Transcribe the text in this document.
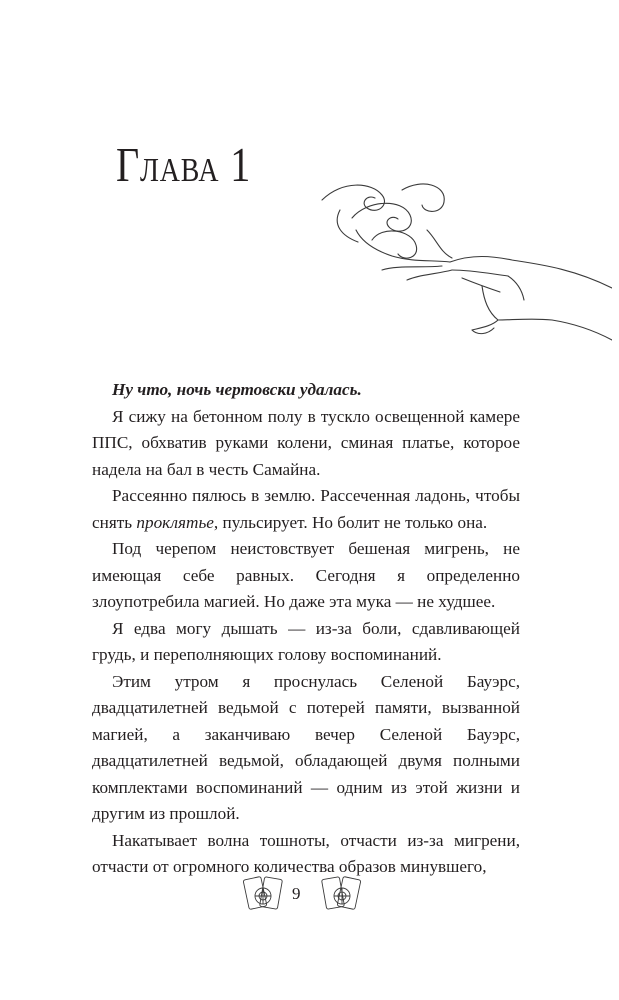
Глава 1

Ну что, ночь чертовски удалась.

Я сижу на бетонном полу в тускло освещенной камере ППС, обхватив руками колени, сминая платье, которое надела на бал в честь Самайна.

Рассеянно пялюсь в землю. Рассеченная ладонь, чтобы снять проклятье, пульсирует. Но болит не только она.

Под черепом неистовствует бешеная мигрень, не имеющая себе равных. Сегодня я определенно злоупотребила магией. Но даже эта мука — не худшее.

Я едва могу дышать — из-за боли, сдавливающей грудь, и переполняющих голову воспоминаний.

Этим утром я проснулась Селеной Бауэрс, двадцатилетней ведьмой с потерей памяти, вызванной магией, а заканчиваю вечер Селеной Бауэрс, двадцатилетней ведьмой, обладающей двумя полными комплектами воспоминаний — одним из этой жизни и другим из прошлой.

Накатывает волна тошноты, отчасти из-за мигрени, отчасти от огромного количества образов минувшего,

9
